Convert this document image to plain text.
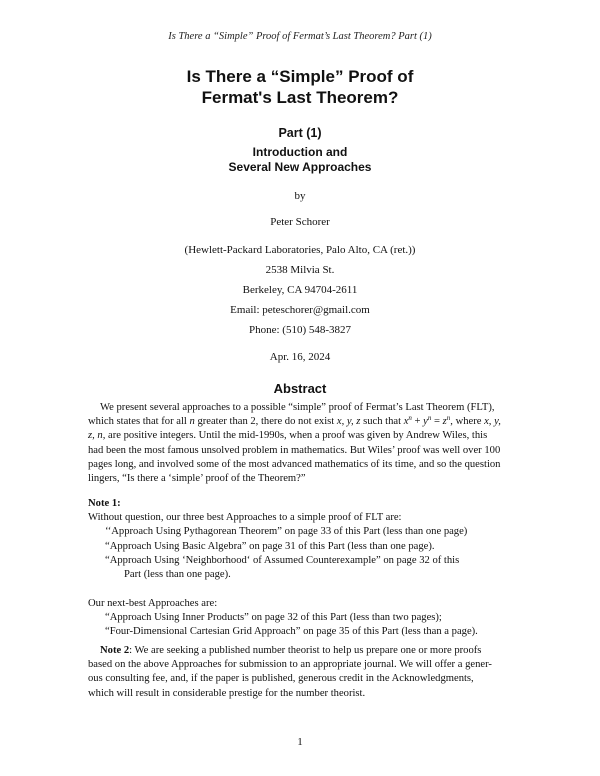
Is There a “Simple” Proof of Fermat’s Last Theorem? Part (1)
Is There a “Simple” Proof of
Fermat's Last Theorem?
Part (1)
Introduction and
Several New Approaches
by
Peter Schorer
(Hewlett-Packard Laboratories, Palo Alto, CA (ret.))
2538 Milvia St.
Berkeley, CA 94704-2611
Email: peteschorer@gmail.com
Phone: (510) 548-3827
Apr. 16, 2024
Abstract
We present several approaches to a possible “simple” proof of Fermat’s Last Theorem (FLT),
which states that for all n greater than 2, there do not exist x, y, z such that $x^n + y^n = z^n$, where x, y,
z, n, are positive integers. Until the mid-1990s, when a proof was given by Andrew Wiles, this
had been the most famous unsolved problem in mathematics. But Wiles’ proof was well over 100
pages long, and involved some of the most advanced mathematics of its time, and so the question
lingers, “Is there a ‘simple’ proof of the Theorem?”
Note 1:
Without question, our three best Approaches to a simple proof of FLT are:
‘‘Approach Using Pythagorean Theorem” on page 33 of this Part (less than one page)
“Approach Using Basic Algebra” on page 31 of this Part (less than one page).
“Approach Using ‘Neighborhood‘ of Assumed Counterexample” on page 32 of this
Part (less than one page).
Our next-best Approaches are:
“Approach Using Inner Products” on page 32 of this Part (less than two pages);
“Four-Dimensional Cartesian Grid Approach” on page 35 of this Part (less than a page).
Note 2: We are seeking a published number theorist to help us prepare one or more proofs
based on the above Approaches for submission to an appropriate journal. We will offer a gener-
ous consulting fee, and, if the paper is published, generous credit in the Acknowledgments,
which will result in considerable prestige for the number theorist.
1
